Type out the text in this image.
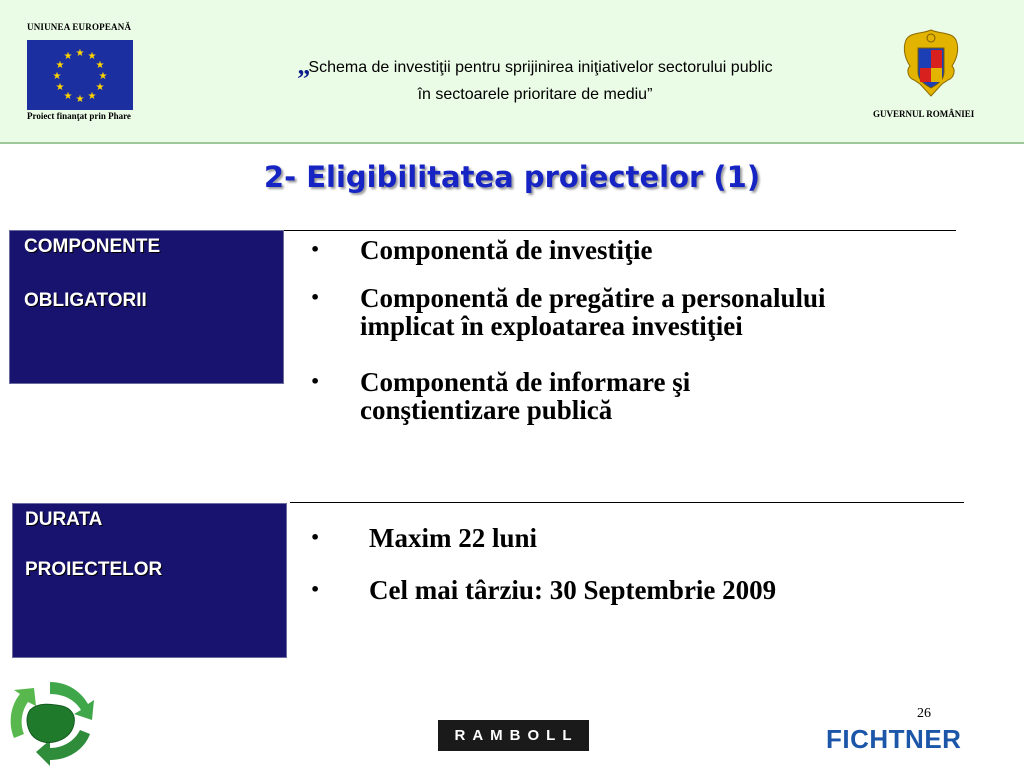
UNIUNEA EUROPEANĂ
★ ★
★
★
★
★
★
★
★
★
★
★
Proiect finanţat prin Phare
„Schema de investiţii pentru sprijinirea iniţiativelor sectorului public
în sectoarele prioritare de mediu”
GUVERNUL ROMÂNIEI
2- Eligibilitatea proiectelor (1)
COMPONENTE
OBLIGATORII
•	Componentă de investiţie
•	Componentă de pregătire a personalului
implicat în exploatarea investiţiei
•	Componentă de informare şi
conştientizare publică
DURATA
PROIECTELOR
•	Maxim 22 luni
•	Cel mai târziu: 30 Septembrie 2009
26
RAMBOLL	FICHTNER
